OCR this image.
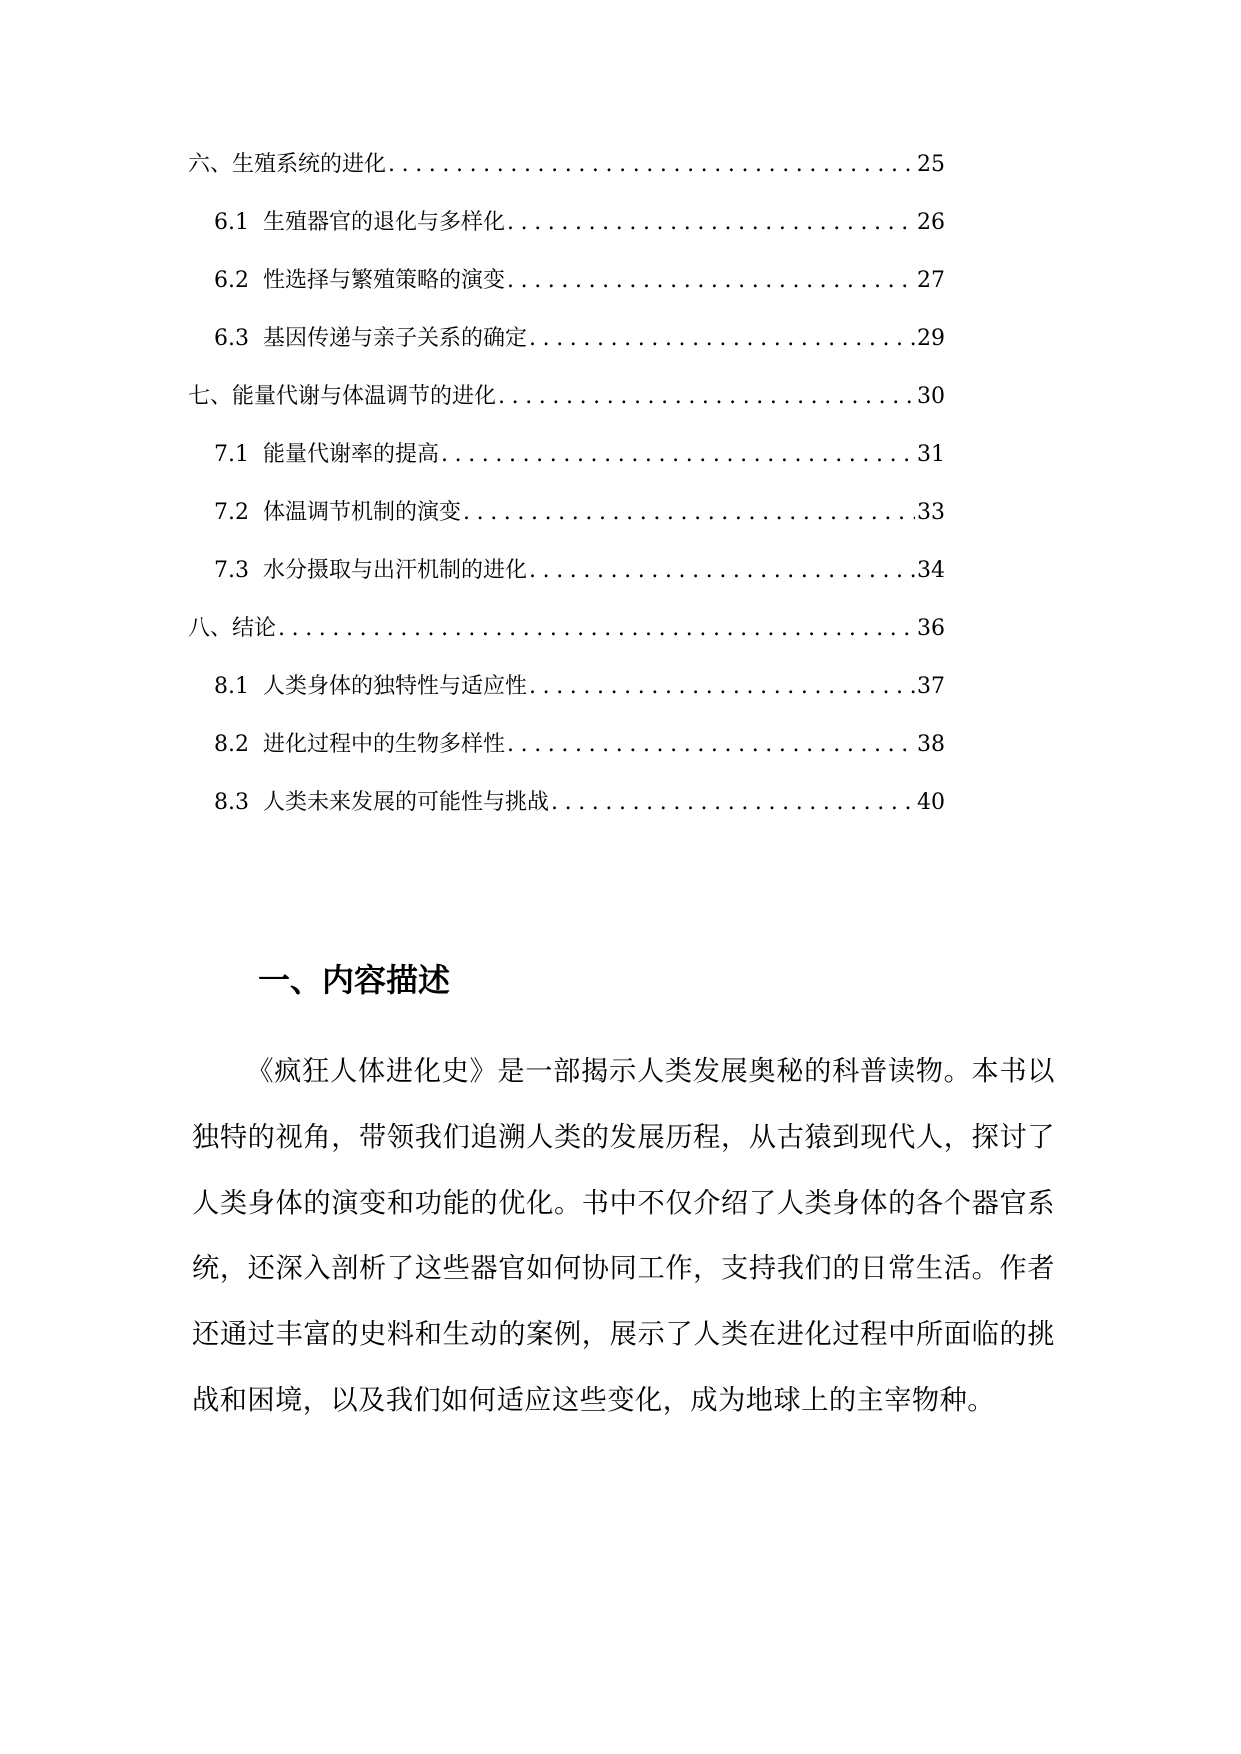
六、生殖系统的进化 .....	25
6.1 生殖器官的退化与多样化 .....	26
6.2 性选择与繁殖策略的演变 .....	27
6.3 基因传递与亲子关系的确定 .....	29
七、能量代谢与体温调节的进化 .....	30
7.1 能量代谢率的提高 .....	31
7.2 体温调节机制的演变 .....	33
7.3 水分摄取与出汗机制的进化 .....	34
八、结论 .....	36
8.1 人类身体的独特性与适应性 .....	37
8.2 进化过程中的生物多样性 .....	38
8.3 人类未来发展的可能性与挑战 .....	40
一、内容描述

《疯狂人体进化史》是一部揭示人类发展奥秘的科普读物。本书以独特的视角，带领我们追溯人类的发展历程，从古猿到现代人，探讨了人类身体的演变和功能的优化。书中不仅介绍了人类身体的各个器官系统，还深入剖析了这些器官如何协同工作，支持我们的日常生活。作者还通过丰富的史料和生动的案例，展示了人类在进化过程中所面临的挑战和困境，以及我们如何适应这些变化，成为地球上的主宰物种。
